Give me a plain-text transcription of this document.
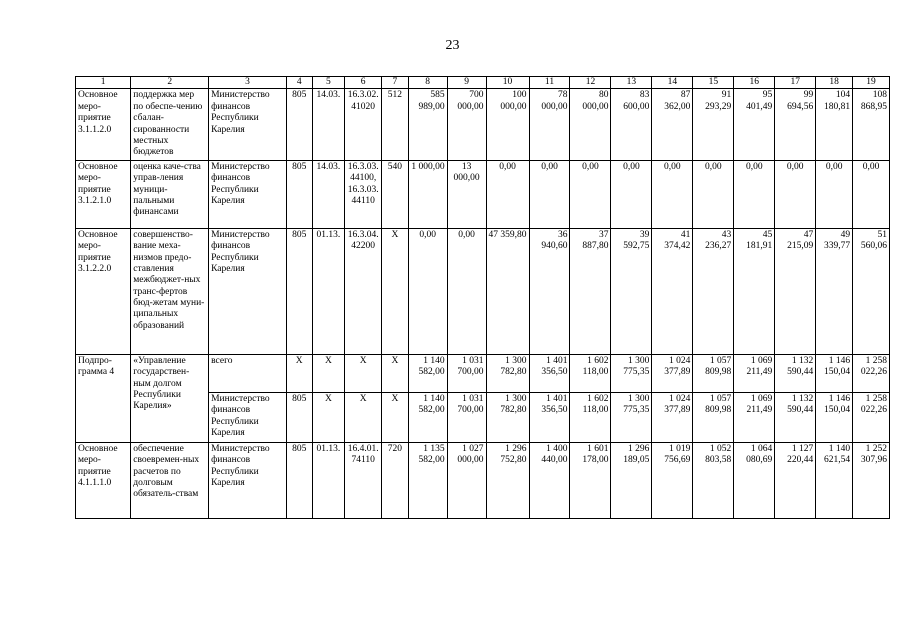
23
1	2	3	4	5	6	7	8	9	10	11	12	13	14	15	16	17	18	19
Основное меро-приятие 3.1.1.2.0	поддержка мер по обеспе-чению сбалан-сированности местных бюджетов	Министерство финансов Республики Карелия	805	14.03.	16.3.02.41020	512	585 989,00	700 000,00	100 000,00	78 000,00	80 000,00	83 600,00	87 362,00	91 293,29	95 401,49	99 694,56	104 180,81	108 868,95
Основное меро-приятие 3.1.2.1.0	оценка каче-ства управ-ления муници-пальными финансами	Министерство финансов Республики Карелия	805	14.03.	16.3.03.44100, 16.3.03.44110	540	1 000,00	13 000,00	0,00	0,00	0,00	0,00	0,00	0,00	0,00	0,00	0,00	0,00
Основное меро-приятие 3.1.2.2.0	совершенство-вание меха-низмов предо-ставления межбюджет-ных транс-фертов бюд-жетам муни-ципальных образований	Министерство финансов Республики Карелия	805	01.13.	16.3.04.42200	X	0,00	0,00	47 359,80	36 940,60	37 887,80	39 592,75	41 374,42	43 236,27	45 181,91	47 215,09	49 339,77	51 560,06
Подпро-грамма 4	«Управление государствен-ным долгом Республики Карелия»	всего	X	X	X	X	1 140 582,00	1 031 700,00	1 300 782,80	1 401 356,50	1 602 118,00	1 300 775,35	1 024 377,89	1 057 809,98	1 069 211,49	1 132 590,44	1 146 150,04	1 258 022,26
		Министерство финансов Республики Карелия	805	X	X	X	1 140 582,00	1 031 700,00	1 300 782,80	1 401 356,50	1 602 118,00	1 300 775,35	1 024 377,89	1 057 809,98	1 069 211,49	1 132 590,44	1 146 150,04	1 258 022,26
Основное меро-приятие 4.1.1.1.0	обеспечение своевремен-ных расчетов по долговым обязатель-ствам	Министерство финансов Республики Карелия	805	01.13.	16.4.01.74110	720	1 135 582,00	1 027 000,00	1 296 752,80	1 400 440,00	1 601 178,00	1 296 189,05	1 019 756,69	1 052 803,58	1 064 080,69	1 127 220,44	1 140 621,54	1 252 307,96
